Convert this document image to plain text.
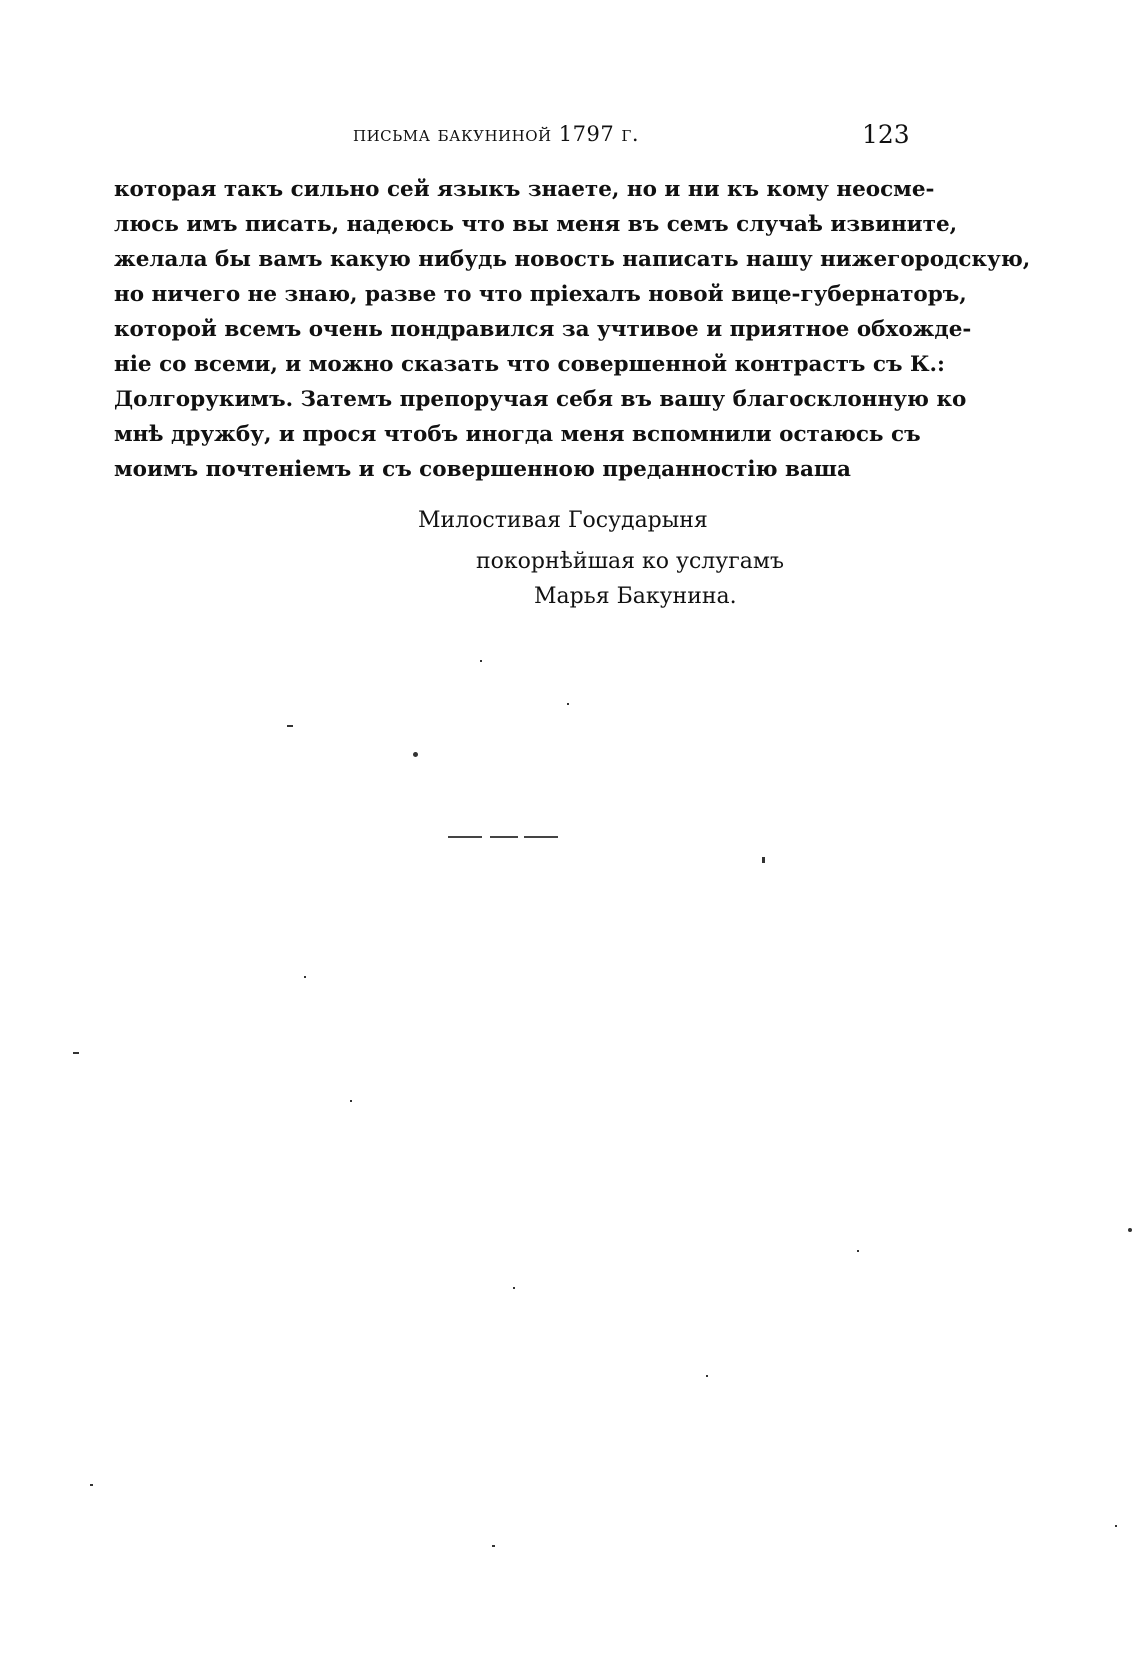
письма бакуниной 1797 г.	123
которая такъ сильно сей языкъ знаете, но и ни къ кому неосме-
люсь имъ писать, надеюсь что вы меня въ семъ случаѣ извините,
желала бы вамъ какую нибудь новость написать нашу нижегородскую,
но ничего не знаю, разве то что прiехалъ новой вице-губернаторъ,
которой всемъ очень пондравился за учтивое и приятное обхожде-
нiе со всеми, и можно сказать что совершенной контрастъ съ К.:
Долгорукимъ. Затемъ препоручая себя въ вашу благосклонную ко
мнѣ дружбу, и прося чтобъ иногда меня вспомнили остаюсь съ
моимъ почтенiемъ и съ совершенною преданностiю ваша
Милостивая Государыня
покорнѣйшая ко услугамъ
Марья Бакунина.
